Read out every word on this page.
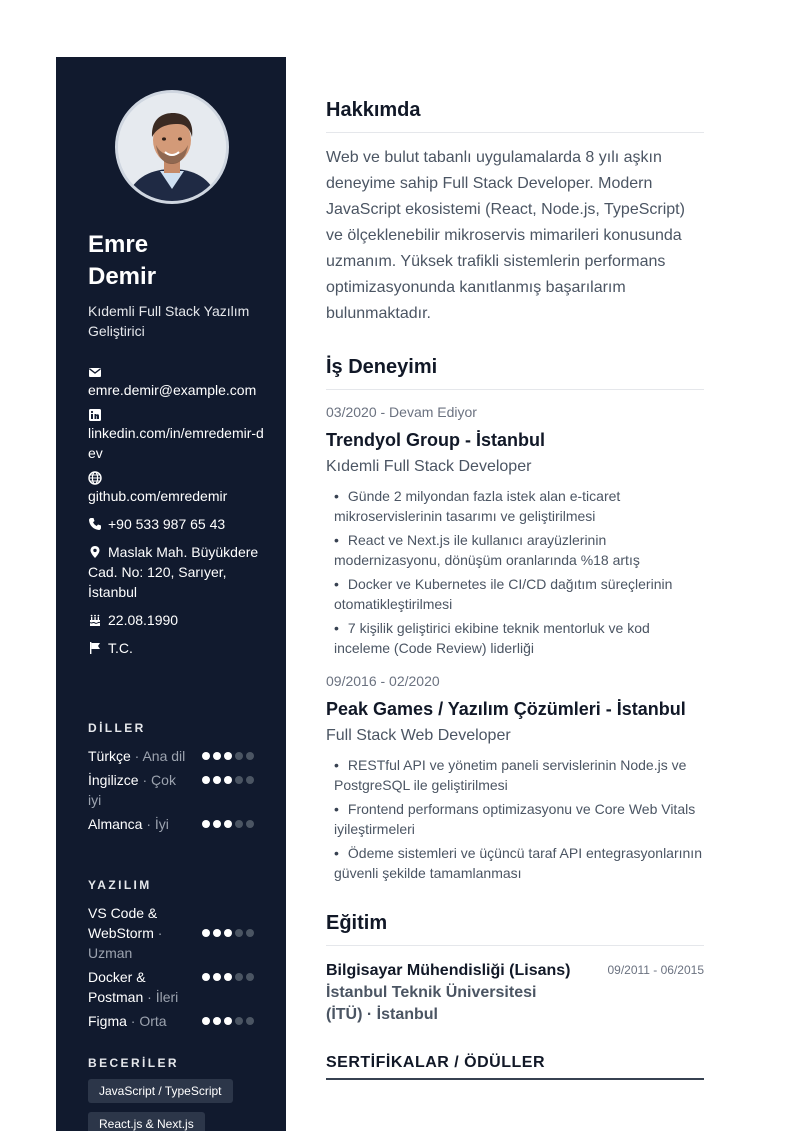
Emre
Demir
Kıdemli Full Stack Yazılım Geliştirici
emre.demir@example.com
linkedin.com/in/emredemir-dev
github.com/emredemir
+90 533 987 65 43
Maslak Mah. Büyükdere Cad. No: 120, Sarıyer, İstanbul
22.08.1990
T.C.
DİLLER
Türkçe · Ana dil
İngilizce · Çok iyi
Almanca · İyi
YAZILIM
VS Code & WebStorm · Uzman
Docker & Postman · İleri
Figma · Orta
BECERİLER
JavaScript / TypeScript
React.js & Next.js
Hakkımda

Web ve bulut tabanlı uygulamalarda 8 yılı aşkın deneyime sahip Full Stack Developer. Modern JavaScript ekosistemi (React, Node.js, TypeScript) ve ölçeklenebilir mikroservis mimarileri konusunda uzmanım. Yüksek trafikli sistemlerin performans optimizasyonunda kanıtlanmış başarılarım bulunmaktadır.

İş Deneyimi
03/2020 - Devam Ediyor
Trendyol Group - İstanbul
Kıdemli Full Stack Developer
• Günde 2 milyondan fazla istek alan e-ticaret mikroservislerinin tasarımı ve geliştirilmesi
• React ve Next.js ile kullanıcı arayüzlerinin modernizasyonu, dönüşüm oranlarında %18 artış
• Docker ve Kubernetes ile CI/CD dağıtım süreçlerinin otomatikleştirilmesi
• 7 kişilik geliştirici ekibine teknik mentorluk ve kod inceleme (Code Review) liderliği
09/2016 - 02/2020
Peak Games / Yazılım Çözümleri - İstanbul
Full Stack Web Developer
• RESTful API ve yönetim paneli servislerinin Node.js ve PostgreSQL ile geliştirilmesi
• Frontend performans optimizasyonu ve Core Web Vitals iyileştirmeleri
• Ödeme sistemleri ve üçüncü taraf API entegrasyonlarının güvenli şekilde tamamlanması
Eğitim
Bilgisayar Mühendisliği (Lisans)
İstanbul Teknik Üniversitesi (İTÜ) · İstanbul
09/2011 - 06/2015
SERTİFİKALAR / ÖDÜLLER
